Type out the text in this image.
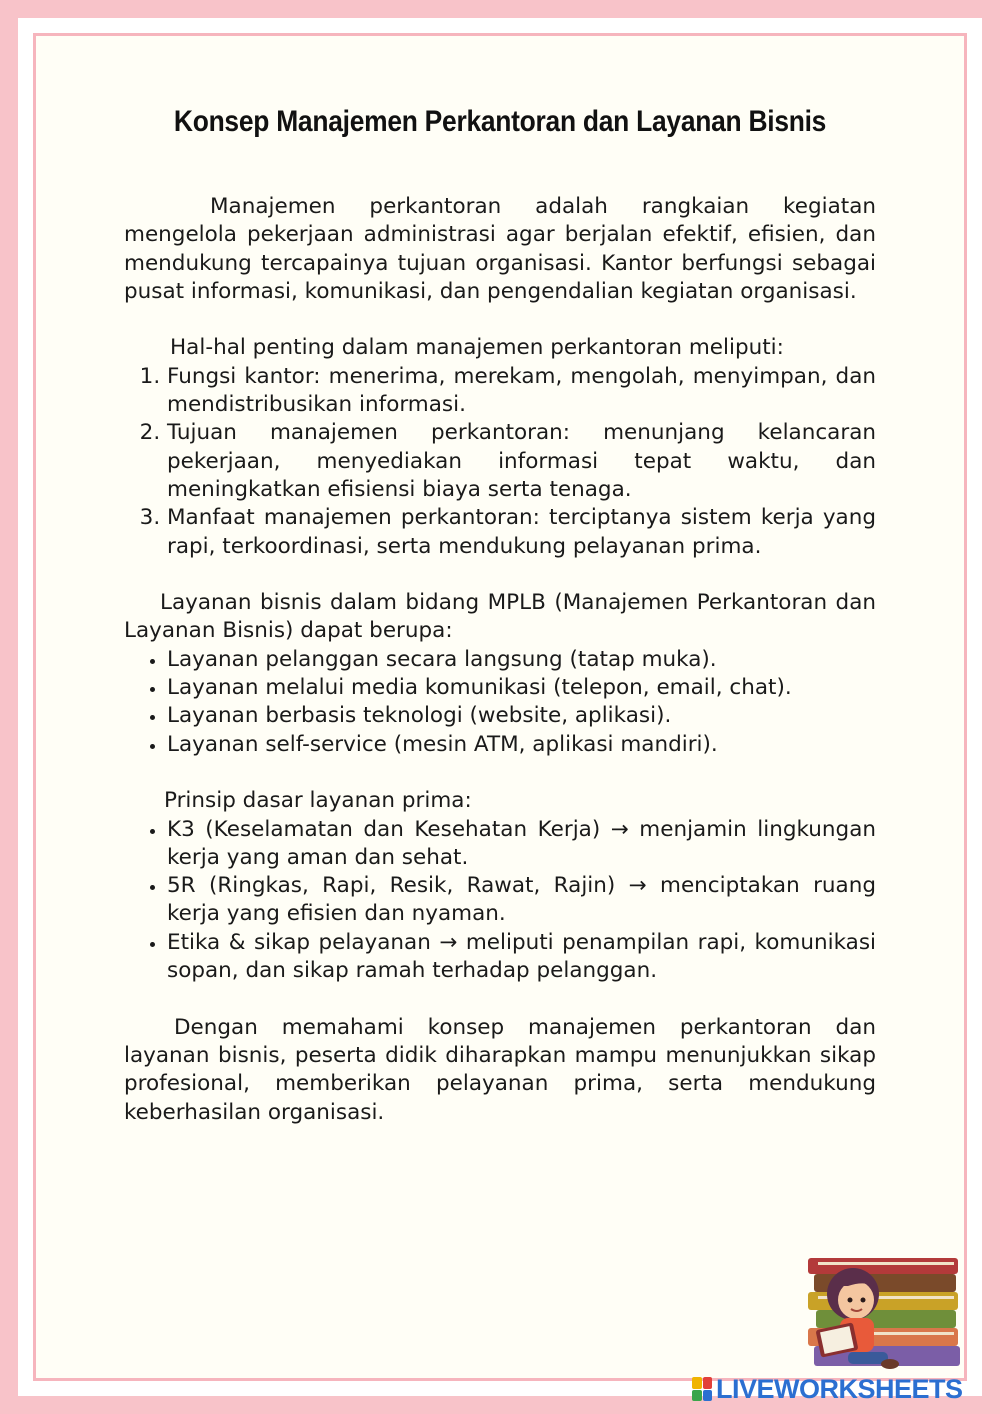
Konsep Manajemen Perkantoran dan Layanan Bisnis

Manajemen perkantoran adalah rangkaian kegiatan mengelola pekerjaan administrasi agar berjalan efektif, efisien, dan mendukung tercapainya tujuan organisasi. Kantor berfungsi sebagai pusat informasi, komunikasi, dan pengendalian kegiatan organisasi.

Hal-hal penting dalam manajemen perkantoran meliputi:

1. Fungsi kantor: menerima, merekam, mengolah, menyimpan, dan mendistribusikan informasi.
2. Tujuan manajemen perkantoran: menunjang kelancaran pekerjaan, menyediakan informasi tepat waktu, dan meningkatkan efisiensi biaya serta tenaga.
3. Manfaat manajemen perkantoran: terciptanya sistem kerja yang rapi, terkoordinasi, serta mendukung pelayanan prima.

Layanan bisnis dalam bidang MPLB (Manajemen Perkantoran dan Layanan Bisnis) dapat berupa:

• Layanan pelanggan secara langsung (tatap muka).
• Layanan melalui media komunikasi (telepon, email, chat).
• Layanan berbasis teknologi (website, aplikasi).
• Layanan self-service (mesin ATM, aplikasi mandiri).

Prinsip dasar layanan prima:

• K3 (Keselamatan dan Kesehatan Kerja) → menjamin lingkungan kerja yang aman dan sehat.
• 5R (Ringkas, Rapi, Resik, Rawat, Rajin) → menciptakan ruang kerja yang efisien dan nyaman.
• Etika & sikap pelayanan → meliputi penampilan rapi, komunikasi sopan, dan sikap ramah terhadap pelanggan.

Dengan memahami konsep manajemen perkantoran dan layanan bisnis, peserta didik diharapkan mampu menunjukkan sikap profesional, memberikan pelayanan prima, serta mendukung keberhasilan organisasi.

LIVEWORKSHEETS
